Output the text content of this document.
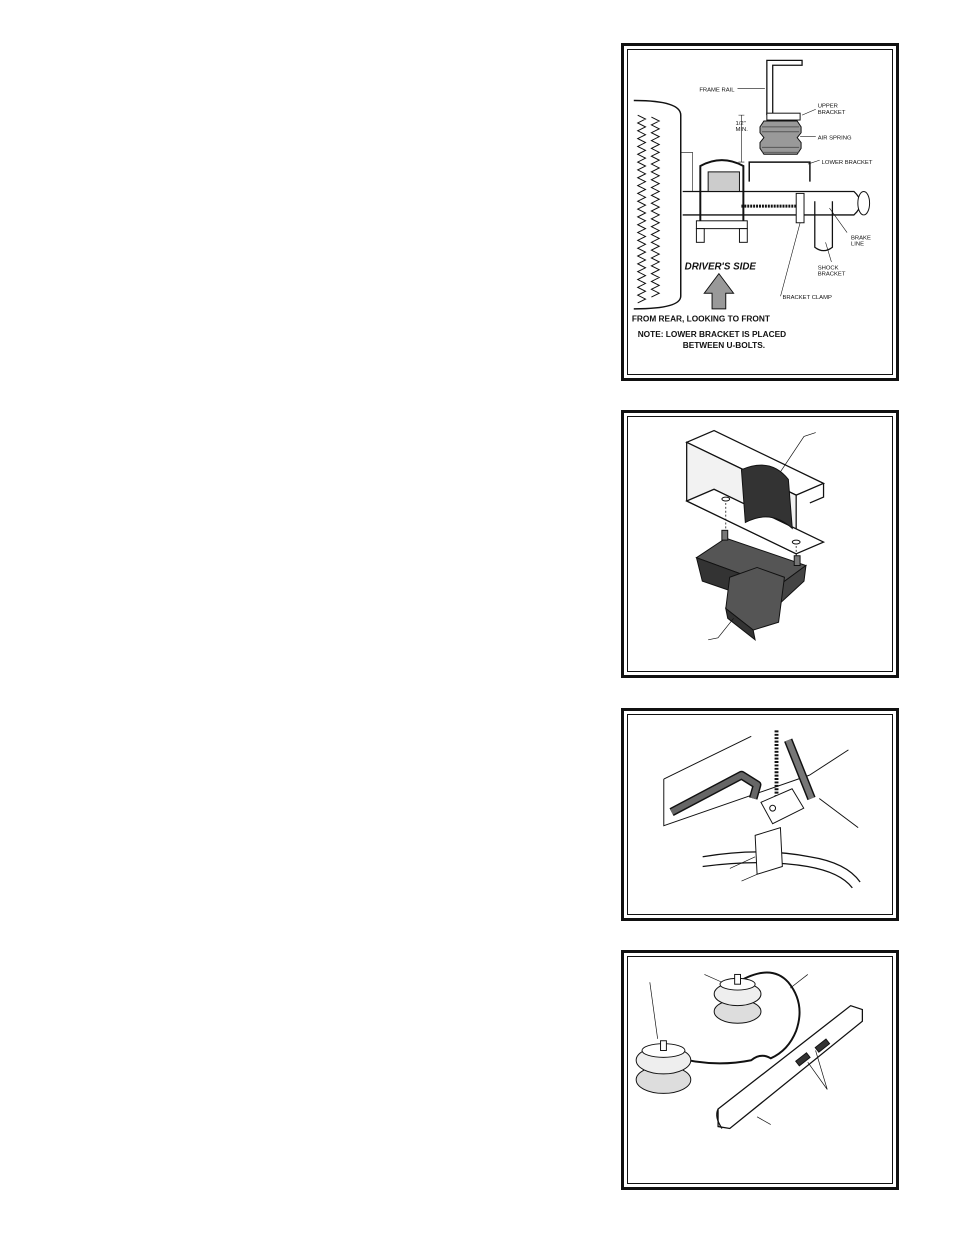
FRAME RAIL
UPPER
BRACKET
1/2"
MIN.
AIR SPRING
LOWER BRACKET
BRAKE
LINE
SHOCK
BRACKET
BRACKET CLAMP
DRIVER'S SIDE
FROM REAR, LOOKING TO FRONT
NOTE: LOWER BRACKET IS PLACED
BETWEEN U-BOLTS.
